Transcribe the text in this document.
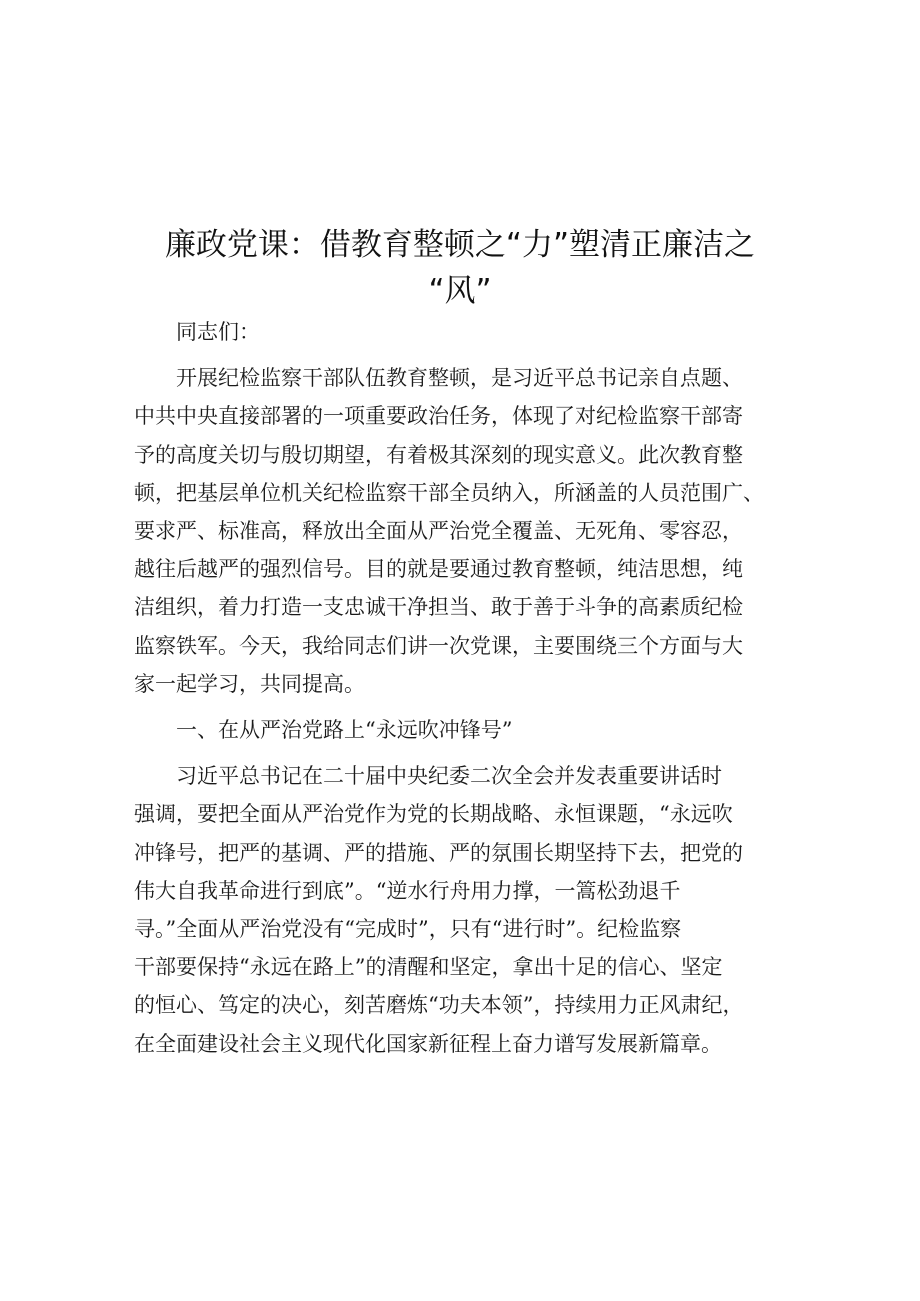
廉政党课：借教育整顿之“力”塑清正廉洁之
“风”
同志们：
开展纪检监察干部队伍教育整顿，是习近平总书记亲自点题、
中共中央直接部署的一项重要政治任务，体现了对纪检监察干部寄
予的高度关切与殷切期望，有着极其深刻的现实意义。此次教育整
顿，把基层单位机关纪检监察干部全员纳入，所涵盖的人员范围广、
要求严、标准高，释放出全面从严治党全覆盖、无死角、零容忍，
越往后越严的强烈信号。目的就是要通过教育整顿，纯洁思想，纯
洁组织，着力打造一支忠诚干净担当、敢于善于斗争的高素质纪检
监察铁军。今天，我给同志们讲一次党课，主要围绕三个方面与大
家一起学习，共同提高。
一、在从严治党路上“永远吹冲锋号”
习近平总书记在二十届中央纪委二次全会并发表重要讲话时
强调，要把全面从严治党作为党的长期战略、永恒课题，“永远吹
冲锋号，把严的基调、严的措施、严的氛围长期坚持下去，把党的
伟大自我革命进行到底”。“逆水行舟用力撑，一篙松劲退千
寻。”全面从严治党没有“完成时”，只有“进行时”。纪检监察
干部要保持“永远在路上”的清醒和坚定，拿出十足的信心、坚定
的恒心、笃定的决心，刻苦磨炼“功夫本领”，持续用力正风肃纪，
在全面建设社会主义现代化国家新征程上奋力谱写发展新篇章。
